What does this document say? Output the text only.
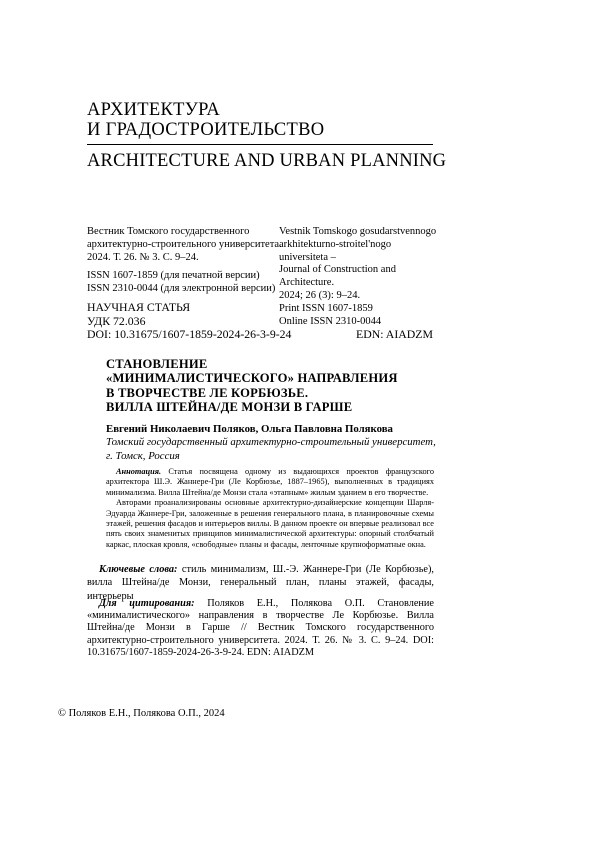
АРХИТЕКТУРА
И ГРАДОСТРОИТЕЛЬСТВО
ARCHITECTURE AND URBAN PLANNING
Вестник Томского государственного
архитектурно-строительного университета.
2024. Т. 26. № 3. С. 9–24.
ISSN 1607-1859 (для печатной версии)
ISSN 2310-0044 (для электронной версии)
Vestnik Tomskogo gosudarstvennogo
arkhitekturno-stroitel'nogo universiteta –
Journal of Construction and Architecture.
2024; 26 (3): 9–24.
Print ISSN 1607-1859
Online ISSN 2310-0044
НАУЧНАЯ СТАТЬЯ
УДК 72.036
DOI: 10.31675/1607-1859-2024-26-3-9-24	EDN: AIADZM
СТАНОВЛЕНИЕ
«МИНИМАЛИСТИЧЕСКОГО» НАПРАВЛЕНИЯ
В ТВОРЧЕСТВЕ ЛЕ КОРБЮЗЬЕ.
ВИЛЛА ШТЕЙНА/ДЕ МОНЗИ В ГАРШЕ
Евгений Николаевич Поляков, Ольга Павловна Полякова
Томский государственный архитектурно-строительный университет,
г. Томск, Россия

Аннотация. Статья посвящена одному из выдающихся проектов французского архитектора Ш.Э. Жаннере-Гри (Ле Корбюзье, 1887–1965), выполненных в традициях минимализма. Вилла Штейна/де Монзи стала «этапным» жилым зданием в его творчестве.

Авторами проанализированы основные архитектурно-дизайнерские концепции Шарля-Эдуарда Жаннере-Гри, заложенные в решения генерального плана, в планировочные схемы этажей, решения фасадов и интерьеров виллы. В данном проекте он впервые реализовал все пять своих знаменитых принципов минималистической архитектуры: опорный столбчатый каркас, плоская кровля, «свободные» планы и фасады, ленточные крупноформатные окна.

Ключевые слова: стиль минимализм, Ш.-Э. Жаннере-Гри (Ле Корбюзье), вилла Штейна/де Монзи, генеральный план, планы этажей, фасады, интерьеры
Для цитирования: Поляков Е.Н., Полякова О.П. Становление «минималистического» направления в творчестве Ле Корбюзье. Вилла Штейна/де Монзи в Гарше // Вестник Томского государственного архитектурно-строительного университета. 2024. Т. 26. № 3. С. 9–24. DOI: 10.31675/1607-1859-2024-26-3-9-24. EDN: AIADZM
© Поляков Е.Н., Полякова О.П., 2024
